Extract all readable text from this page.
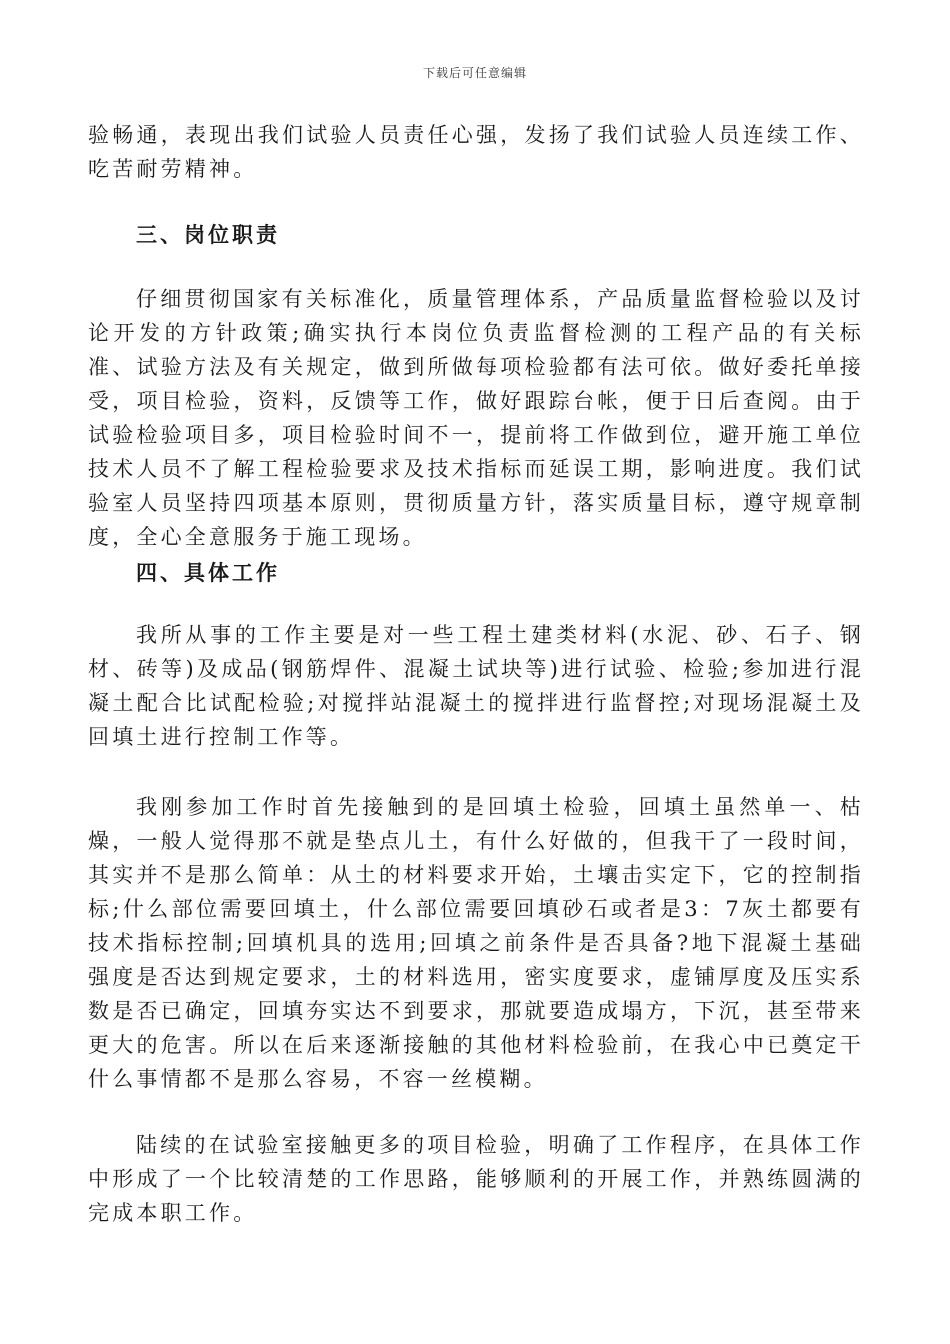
下载后可任意编辑

验畅通，表现出我们试验人员责任心强，发扬了我们试验人员连续工作、吃苦耐劳精神。

三、岗位职责

仔细贯彻国家有关标准化，质量管理体系，产品质量监督检验以及讨论开发的方针政策;确实执行本岗位负责监督检测的工程产品的有关标准、试验方法及有关规定，做到所做每项检验都有法可依。做好委托单接受，项目检验，资料，反馈等工作，做好跟踪台帐，便于日后查阅。由于试验检验项目多，项目检验时间不一，提前将工作做到位，避开施工单位技术人员不了解工程检验要求及技术指标而延误工期，影响进度。我们试验室人员坚持四项基本原则，贯彻质量方针，落实质量目标，遵守规章制度，全心全意服务于施工现场。

四、具体工作

我所从事的工作主要是对一些工程土建类材料(水泥、砂、石子、钢材、砖等)及成品(钢筋焊件、混凝土试块等)进行试验、检验;参加进行混凝土配合比试配检验;对搅拌站混凝土的搅拌进行监督控;对现场混凝土及回填土进行控制工作等。

我刚参加工作时首先接触到的是回填土检验，回填土虽然单一、枯燥，一般人觉得那不就是垫点儿土，有什么好做的，但我干了一段时间，其实并不是那么简单：从土的材料要求开始，土壤击实定下，它的控制指标;什么部位需要回填土，什么部位需要回填砂石或者是3：7灰土都要有技术指标控制;回填机具的选用;回填之前条件是否具备?地下混凝土基础强度是否达到规定要求，土的材料选用，密实度要求，虚铺厚度及压实系数是否已确定，回填夯实达不到要求，那就要造成塌方，下沉，甚至带来更大的危害。所以在后来逐渐接触的其他材料检验前，在我心中已奠定干什么事情都不是那么容易，不容一丝模糊。

陆续的在试验室接触更多的项目检验，明确了工作程序，在具体工作中形成了一个比较清楚的工作思路，能够顺利的开展工作，并熟练圆满的完成本职工作。
